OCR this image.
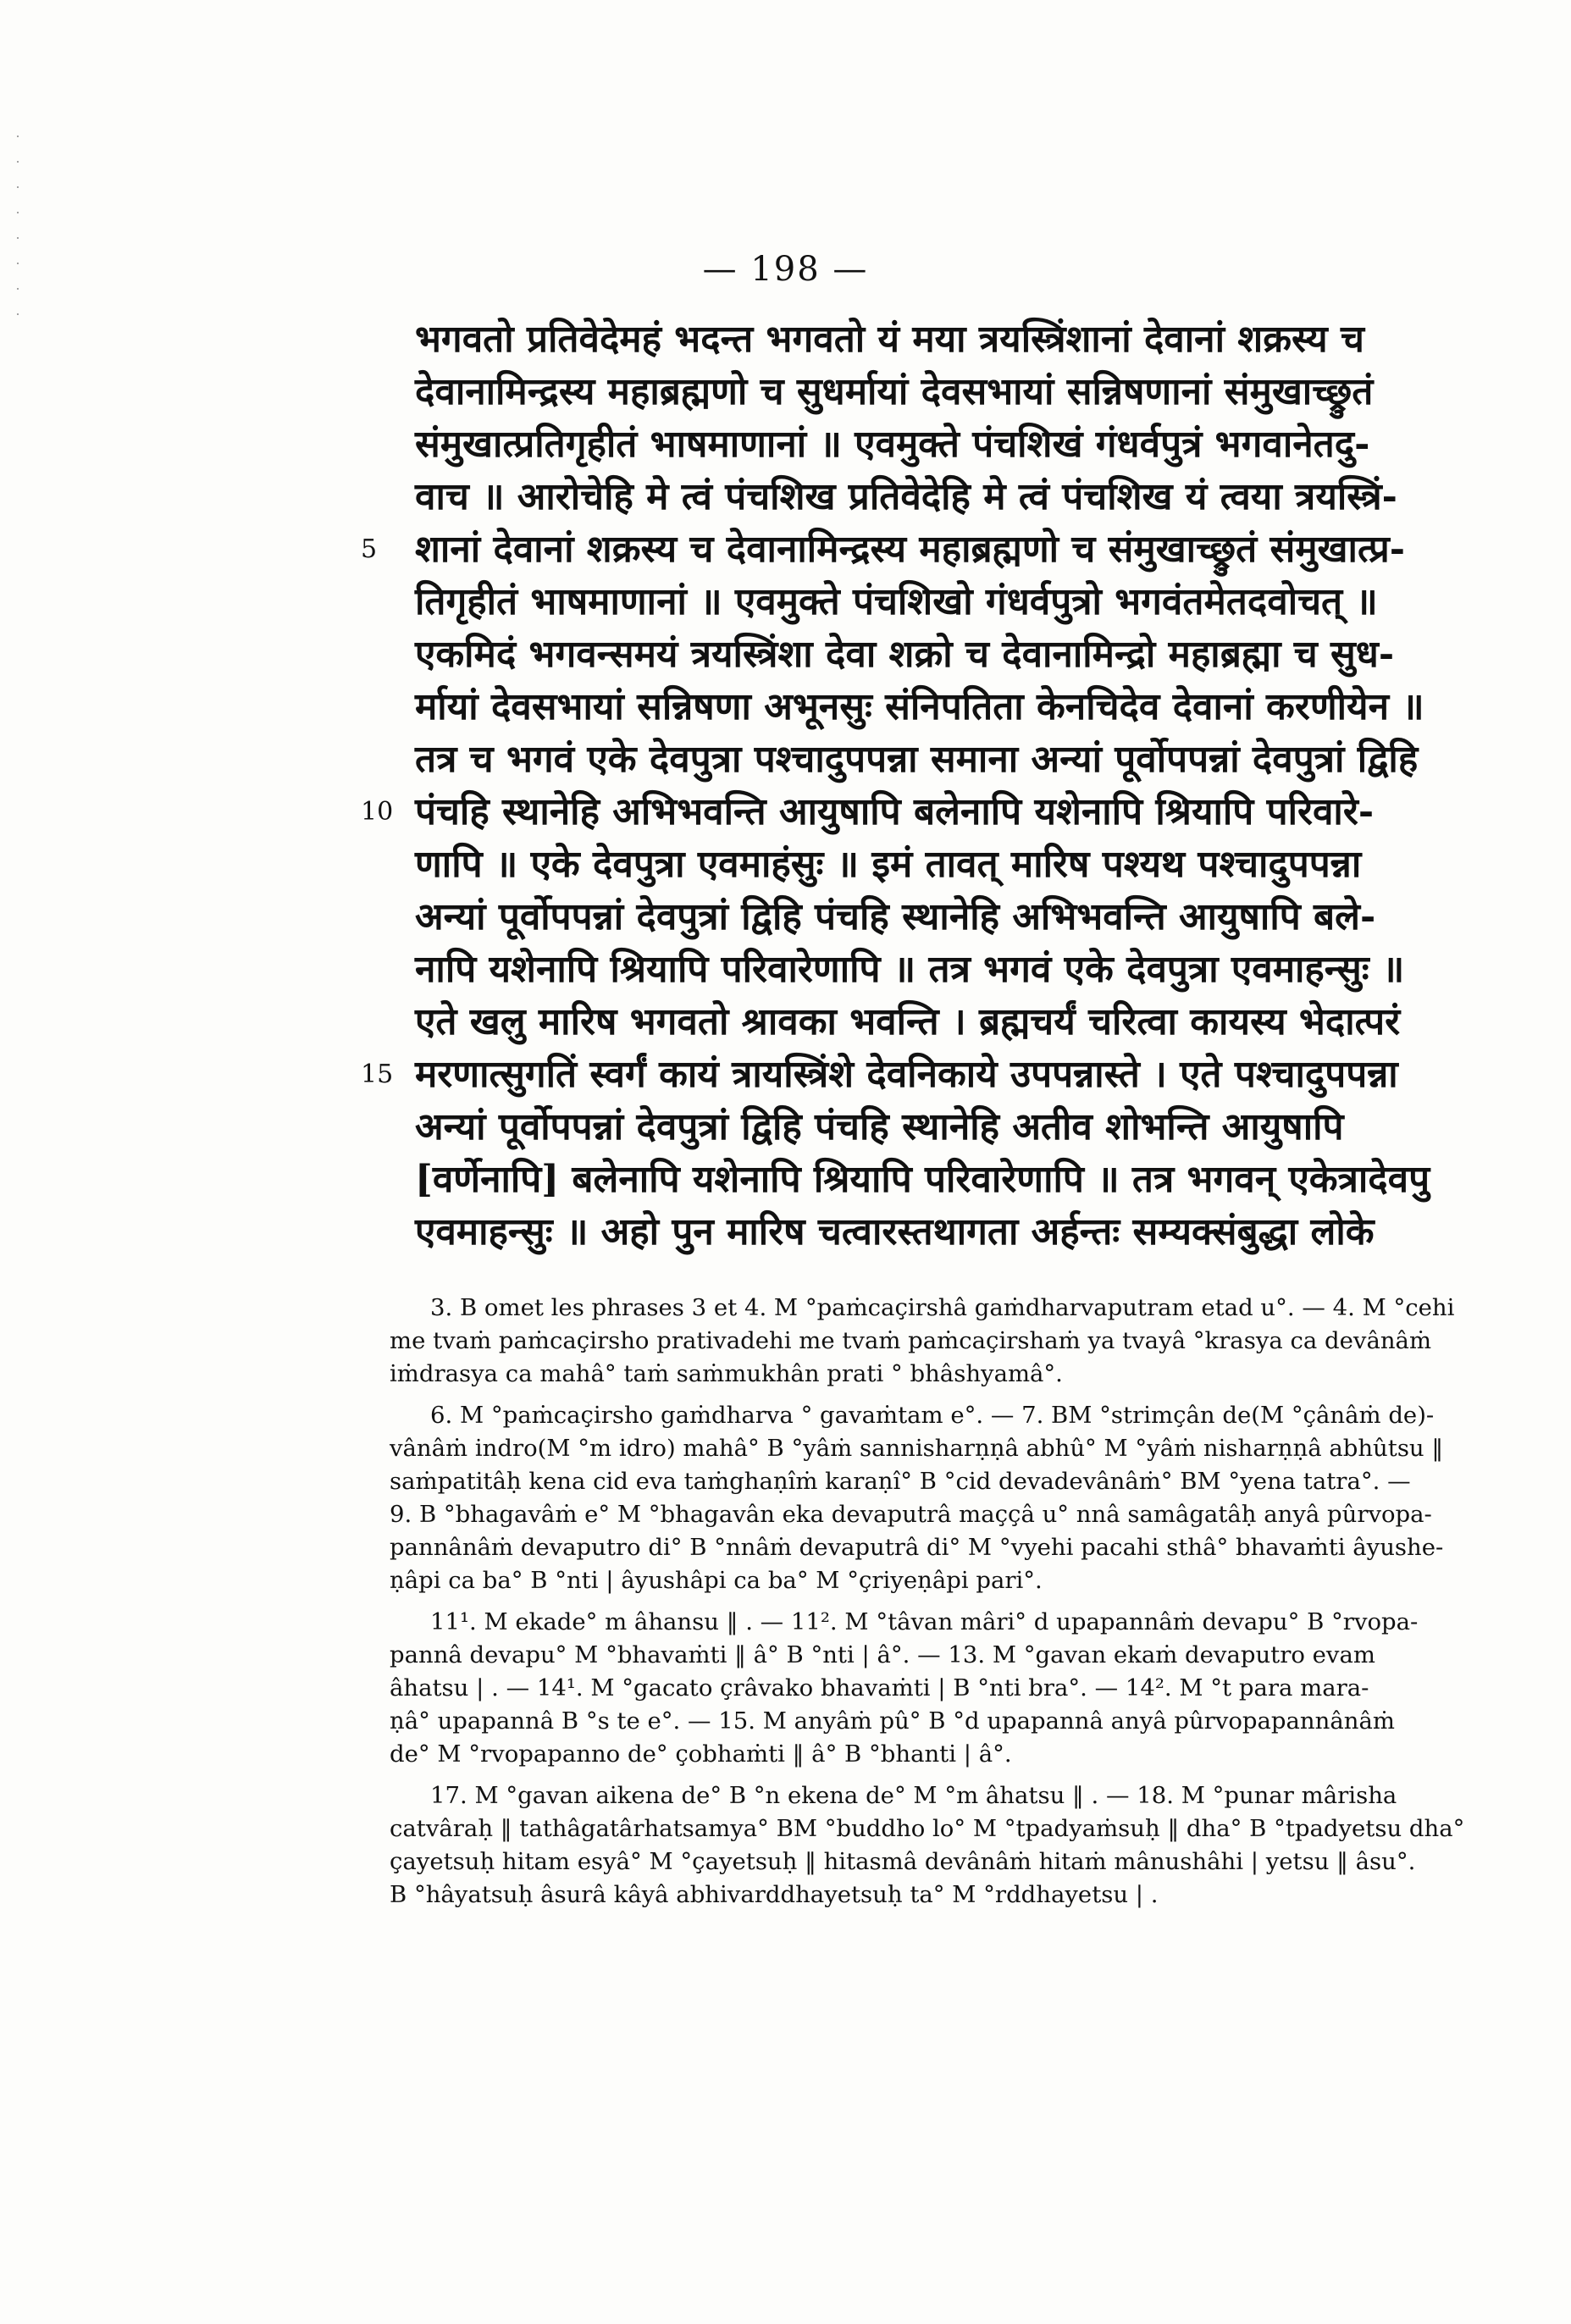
— 198 —
भगवतो प्रतिवेदेमहं भदन्त भगवतो यं मया त्रयस्त्रिंशानां देवानां शक्रस्य च
देवानामिन्द्रस्य महाब्रह्मणो च सुधर्मायां देवसभायां सन्निषणानां संमुखाच्छ्रुतं
संमुखात्प्रतिगृहीतं भाषमाणानां ॥ एवमुक्ते पंचशिखं गंधर्वपुत्रं भगवानेतदु-
वाच ॥ आरोचेहि मे त्वं पंचशिख प्रतिवेदेहि मे त्वं पंचशिख यं त्वया त्रयस्त्रिं-
5 शानां देवानां शक्रस्य च देवानामिन्द्रस्य महाब्रह्मणो च संमुखाच्छ्रुतं संमुखात्प्र-
तिगृहीतं भाषमाणानां ॥ एवमुक्ते पंचशिखो गंधर्वपुत्रो भगवंतमेतदवोचत् ॥
एकमिदं भगवन्समयं त्रयस्त्रिंशा देवा शक्रो च देवानामिन्द्रो महाब्रह्मा च सुध-
र्मायां देवसभायां सन्निषणा अभूनसुः संनिपतिता केनचिदेव देवानां करणीयेन ॥
तत्र च भगवं एके देवपुत्रा पश्चादुपपन्ना समाना अन्यां पूर्वोपपन्नां देवपुत्रां द्विहि
10 पंचहि स्थानेहि अभिभवन्ति आयुषापि बलेनापि यशेनापि श्रियापि परिवारे-
णापि ॥ एके देवपुत्रा एवमाहंसुः ॥ इमं तावत् मारिष पश्यथ पश्चादुपपन्ना
अन्यां पूर्वोपपन्नां देवपुत्रां द्विहि पंचहि स्थानेहि अभिभवन्ति आयुषापि बले-
नापि यशेनापि श्रियापि परिवारेणापि ॥ तत्र भगवं एके देवपुत्रा एवमाहन्सुः ॥
एते खलु मारिष भगवतो श्रावका भवन्ति । ब्रह्मचर्यं चरित्वा कायस्य भेदात्परं
15 मरणात्सुगतिं स्वर्गं कायं त्रायस्त्रिंशे देवनिकाये उपपन्नास्ते । एते पश्चादुपपन्ना
अन्यां पूर्वोपपन्नां देवपुत्रां द्विहि पंचहि स्थानेहि अतीव शोभन्ति आयुषापि
[वर्णेनापि] बलेनापि यशेनापि श्रियापि परिवारेणापि ॥ तत्र भगवन् एकेत्रादेवपु
एवमाहन्सुः ॥ अहो पुन मारिष चत्वारस्तथागता अर्हन्तः सम्यक्संबुद्धा लोके

3. B omet les phrases 3 et 4. M °paṁcaçirshâ gaṁdharvaputram etad u°. — 4. M °cehi
me tvaṁ paṁcaçirsho prativadehi me tvaṁ paṁcaçirshaṁ ya tvayâ °krasya ca devânâṁ
iṁdrasya ca mahâ° taṁ saṁmukhân prati ° bhâshyamâ°.

6. M °paṁcaçirsho gaṁdharva ° gavaṁtam e°. — 7. BM °strimçân de(M °çânâṁ de)-
vânâṁ indro(M °m idro) mahâ° B °yâṁ sannisharṇṇâ abhû° M °yâṁ nisharṇṇâ abhûtsu ‖
saṁpatitâḥ kena cid eva taṁghaṇîṁ karaṇî° B °cid devadevânâṁ° BM °yena tatra°. —
9. B °bhagavâṁ e° M °bhagavân eka devaputrâ maççâ u° nnâ samâgatâḥ anyâ pûrvopa-
pannânâṁ devaputro di° B °nnâṁ devaputrâ di° M °vyehi pacahi sthâ° bhavaṁti âyushe-
ṇâpi ca ba° B °nti | âyushâpi ca ba° M °çriyeṇâpi pari°.

11¹. M ekade° m âhansu ‖ . — 11². M °tâvan mâri° d upapannâṁ devapu° B °rvopa-
pannâ devapu° M °bhavaṁti ‖ â° B °nti | â°. — 13. M °gavan ekaṁ devaputro evam
âhatsu | . — 14¹. M °gacato çrâvako bhavaṁti | B °nti bra°. — 14². M °t para mara-
ṇâ° upapannâ B °s te e°. — 15. M anyâṁ pû° B °d upapannâ anyâ pûrvopapannânâṁ
de° M °rvopapanno de° çobhaṁti ‖ â° B °bhanti | â°.

17. M °gavan aikena de° B °n ekena de° M °m âhatsu ‖ . — 18. M °punar mârisha
catvâraḥ ‖ tathâgatârhatsamya° BM °buddho lo° M °tpadyaṁsuḥ ‖ dha° B °tpadyetsu dha°
çayetsuḥ hitam esyâ° M °çayetsuḥ ‖ hitasmâ devânâṁ hitaṁ mânushâhi | yetsu ‖ âsu°.
B °hâyatsuḥ âsurâ kâyâ abhivarddhayetsuḥ ta° M °rddhayetsu | .
